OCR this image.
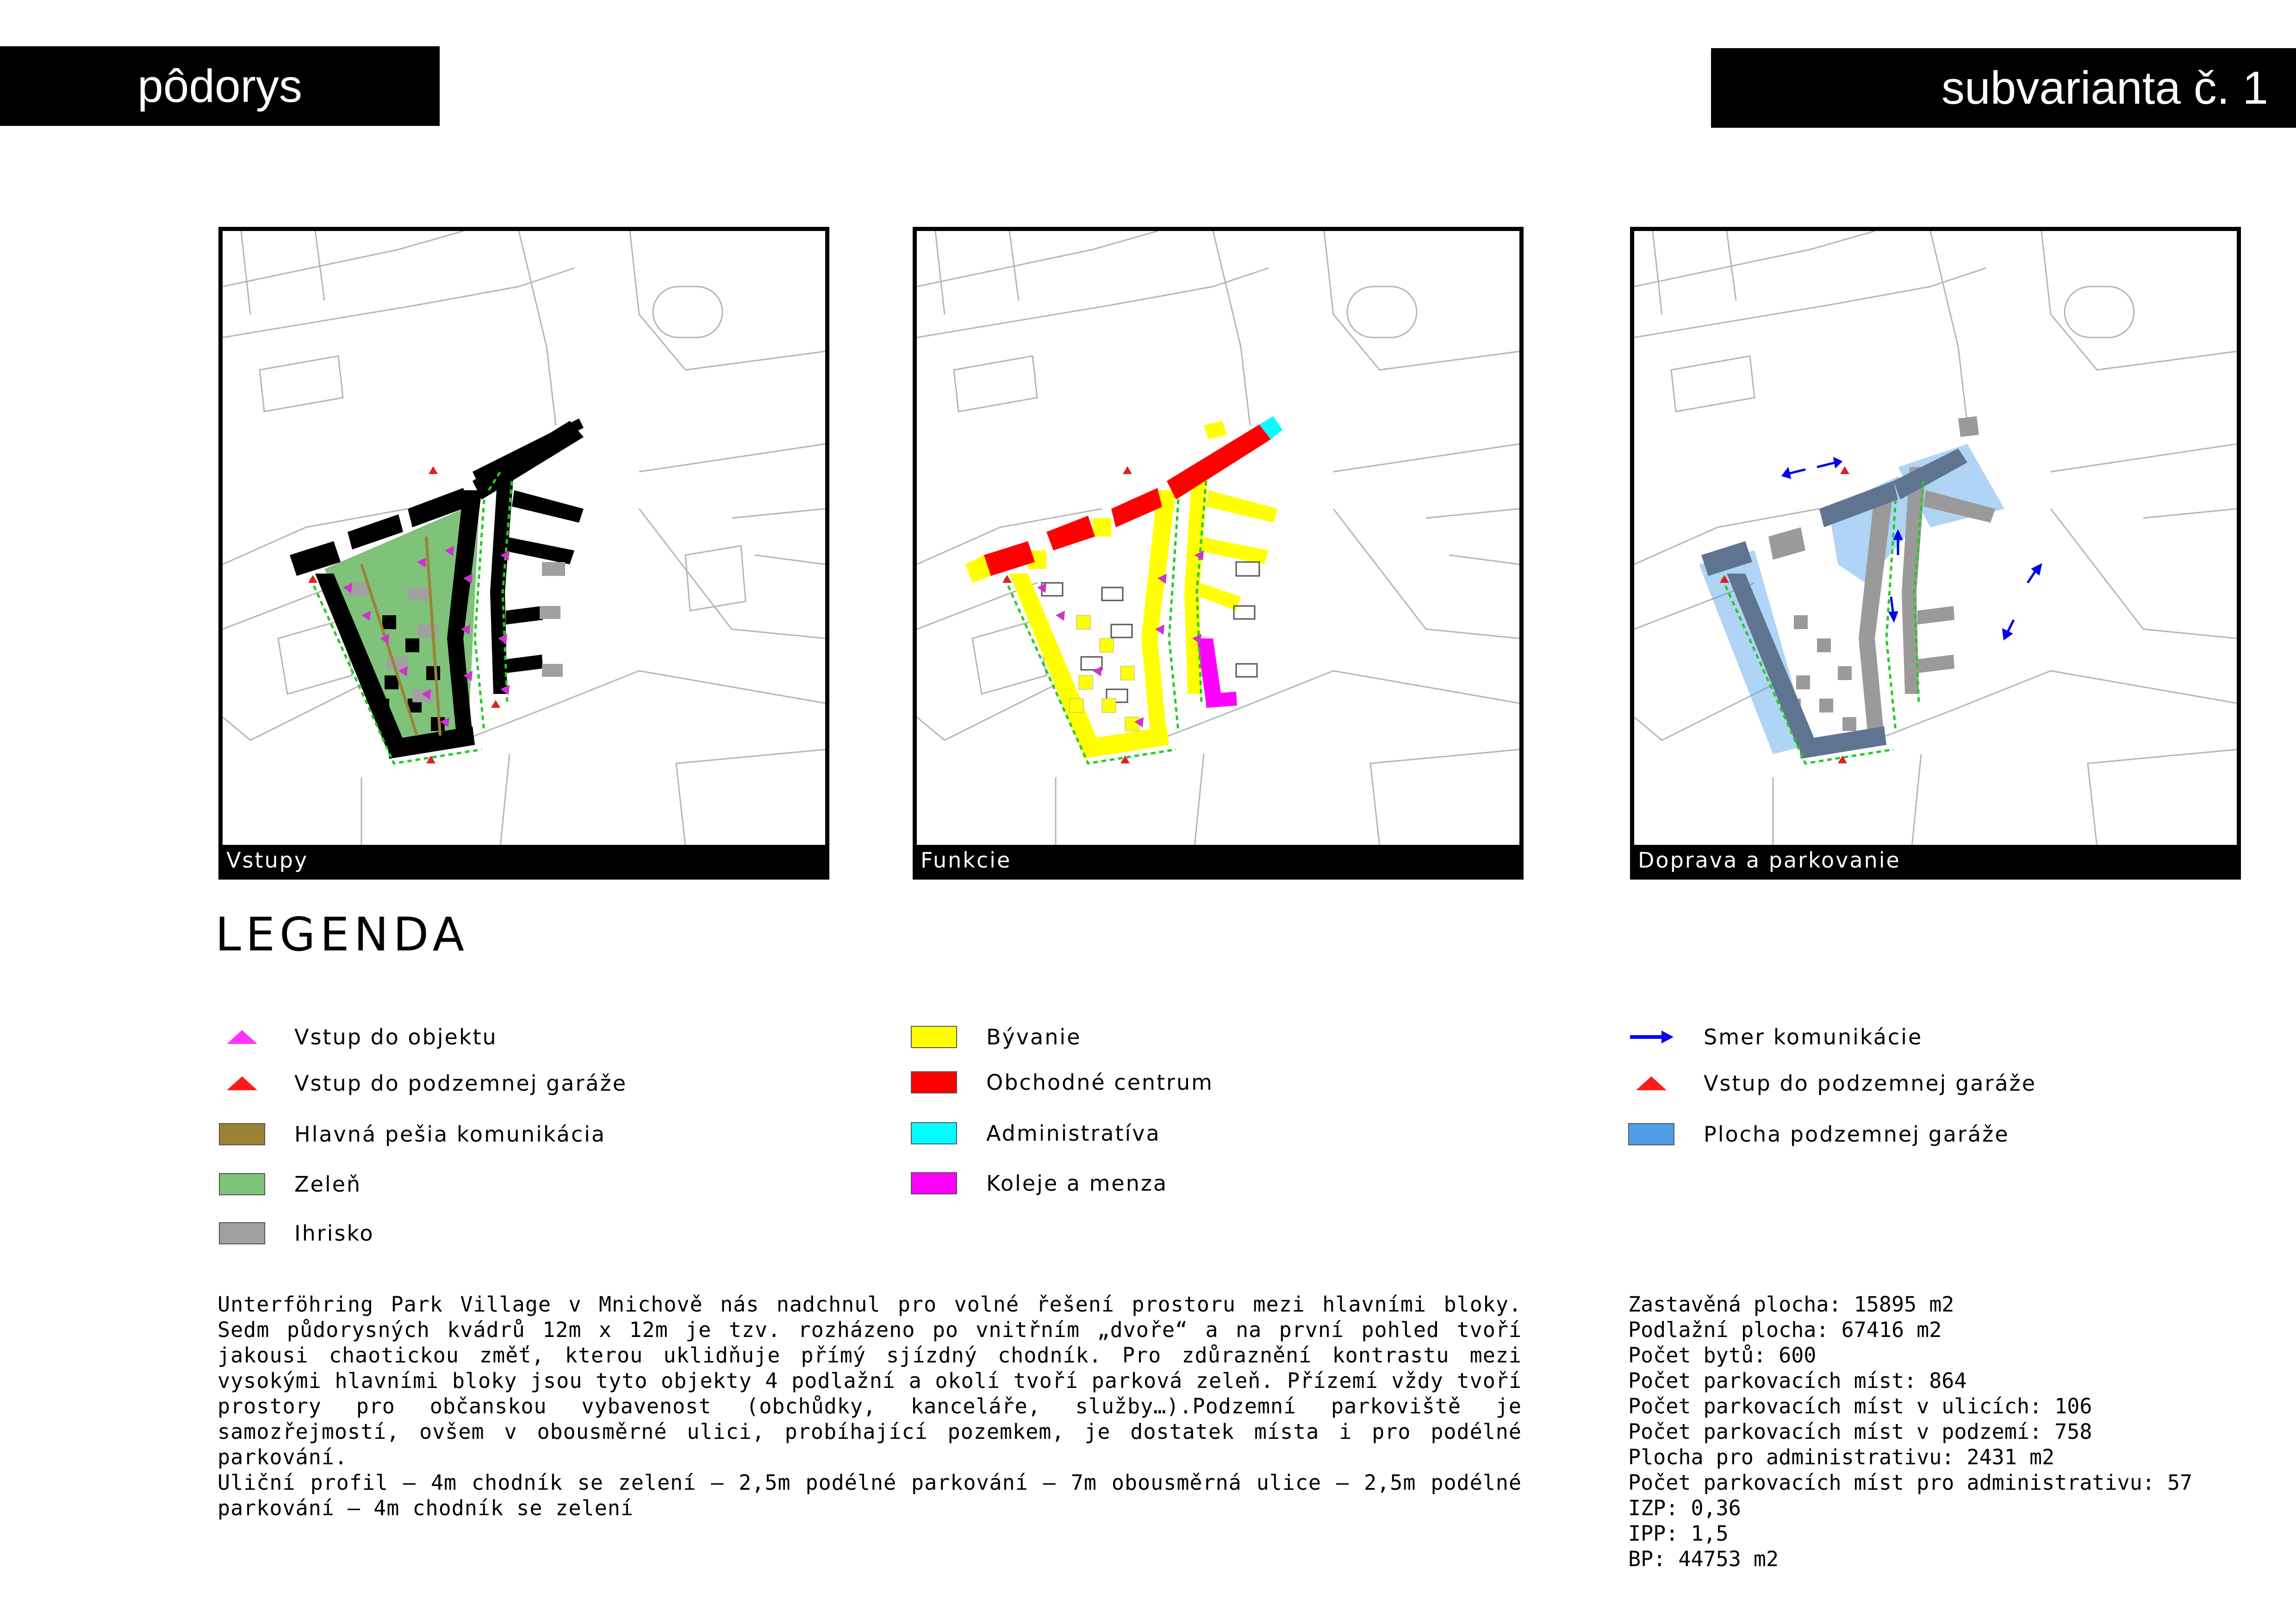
pôdorys	subvarianta č. 1
Vstupy	Funkcie	Doprava a parkovanie
LEGENDA
Vstup do objektu
Vstup do podzemnej garáže
Hlavná pešia komunikácia
Zeleň
Ihrisko
Bývanie
Obchodné centrum
Administratíva
Koleje a menza
Smer komunikácie
Vstup do podzemnej garáže
Plocha podzemnej garáže

Unterföhring Park Village v Mnichově nás nadchnul pro volné řešení prostoru mezi hlavními bloky. Sedm půdorysných kvádrů 12m x 12m je tzv. rozházeno po vnitřním „dvoře“ a na první pohled tvoří jakousi chaotickou změť, kterou uklidňuje přímý sjízdný chodník. Pro zdůraznění kontrastu mezi vysokými hlavními bloky jsou tyto objekty 4 podlažní a okolí tvoří parková zeleň. Přízemí vždy tvoří prostory pro občanskou vybavenost (obchůdky, kanceláře, služby…).Podzemní parkoviště je samozřejmostí, ovšem v obousměrné ulici, probíhající pozemkem, je dostatek místa i pro podélné parkování.

Uliční profil – 4m chodník se zelení – 2,5m podélné parkování – 7m obousměrná ulice – 2,5m podélné parkování – 4m chodník se zelení

Zastavěná plocha: 15895 m2
Podlažní plocha: 67416 m2
Počet bytů: 600
Počet parkovacích míst: 864
Počet parkovacích míst v ulicích: 106
Počet parkovacích míst v podzemí: 758
Plocha pro administrativu: 2431 m2
Počet parkovacích míst pro administrativu: 57
IZP: 0,36
IPP: 1,5
BP: 44753 m2
